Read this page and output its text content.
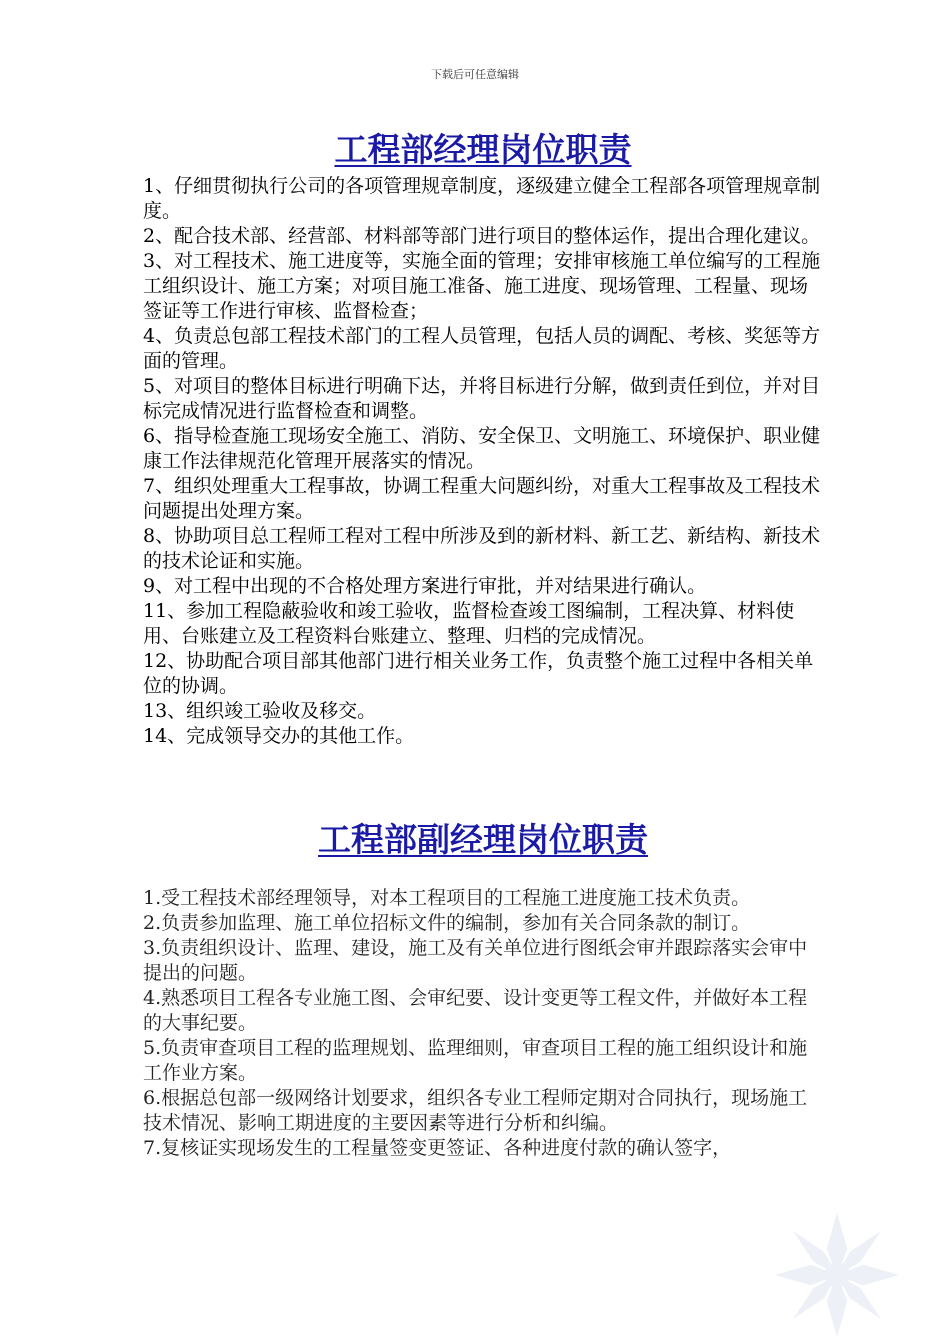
下载后可任意编辑
工程部经理岗位职责
1、仔细贯彻执行公司的各项管理规章制度，逐级建立健全工程部各项管理规章制度。
2、配合技术部、经营部、材料部等部门进行项目的整体运作，提出合理化建议。
3、对工程技术、施工进度等，实施全面的管理；安排审核施工单位编写的工程施工组织设计、施工方案；对项目施工准备、施工进度、现场管理、工程量、现场签证等工作进行审核、监督检查；
4、负责总包部工程技术部门的工程人员管理，包括人员的调配、考核、奖惩等方面的管理。
5、对项目的整体目标进行明确下达，并将目标进行分解，做到责任到位，并对目标完成情况进行监督检查和调整。
6、指导检查施工现场安全施工、消防、安全保卫、文明施工、环境保护、职业健康工作法律规范化管理开展落实的情况。
7、组织处理重大工程事故，协调工程重大问题纠纷，对重大工程事故及工程技术问题提出处理方案。
8、协助项目总工程师工程对工程中所涉及到的新材料、新工艺、新结构、新技术的技术论证和实施。
9、对工程中出现的不合格处理方案进行审批，并对结果进行确认。
11、参加工程隐蔽验收和竣工验收，监督检查竣工图编制，工程决算、材料使用、台账建立及工程资料台账建立、整理、归档的完成情况。
12、协助配合项目部其他部门进行相关业务工作，负责整个施工过程中各相关单位的协调。
13、组织竣工验收及移交。
14、完成领导交办的其他工作。
工程部副经理岗位职责
1.受工程技术部经理领导，对本工程项目的工程施工进度施工技术负责。
2.负责参加监理、施工单位招标文件的编制，参加有关合同条款的制订。
3.负责组织设计、监理、建设，施工及有关单位进行图纸会审并跟踪落实会审中提出的问题。
4.熟悉项目工程各专业施工图、会审纪要、设计变更等工程文件，并做好本工程的大事纪要。
5.负责审查项目工程的监理规划、监理细则，审查项目工程的施工组织设计和施工作业方案。
6.根据总包部一级网络计划要求，组织各专业工程师定期对合同执行，现场施工技术情况、影响工期进度的主要因素等进行分析和纠编。
7.复核证实现场发生的工程量签变更签证、各种进度付款的确认签字，
